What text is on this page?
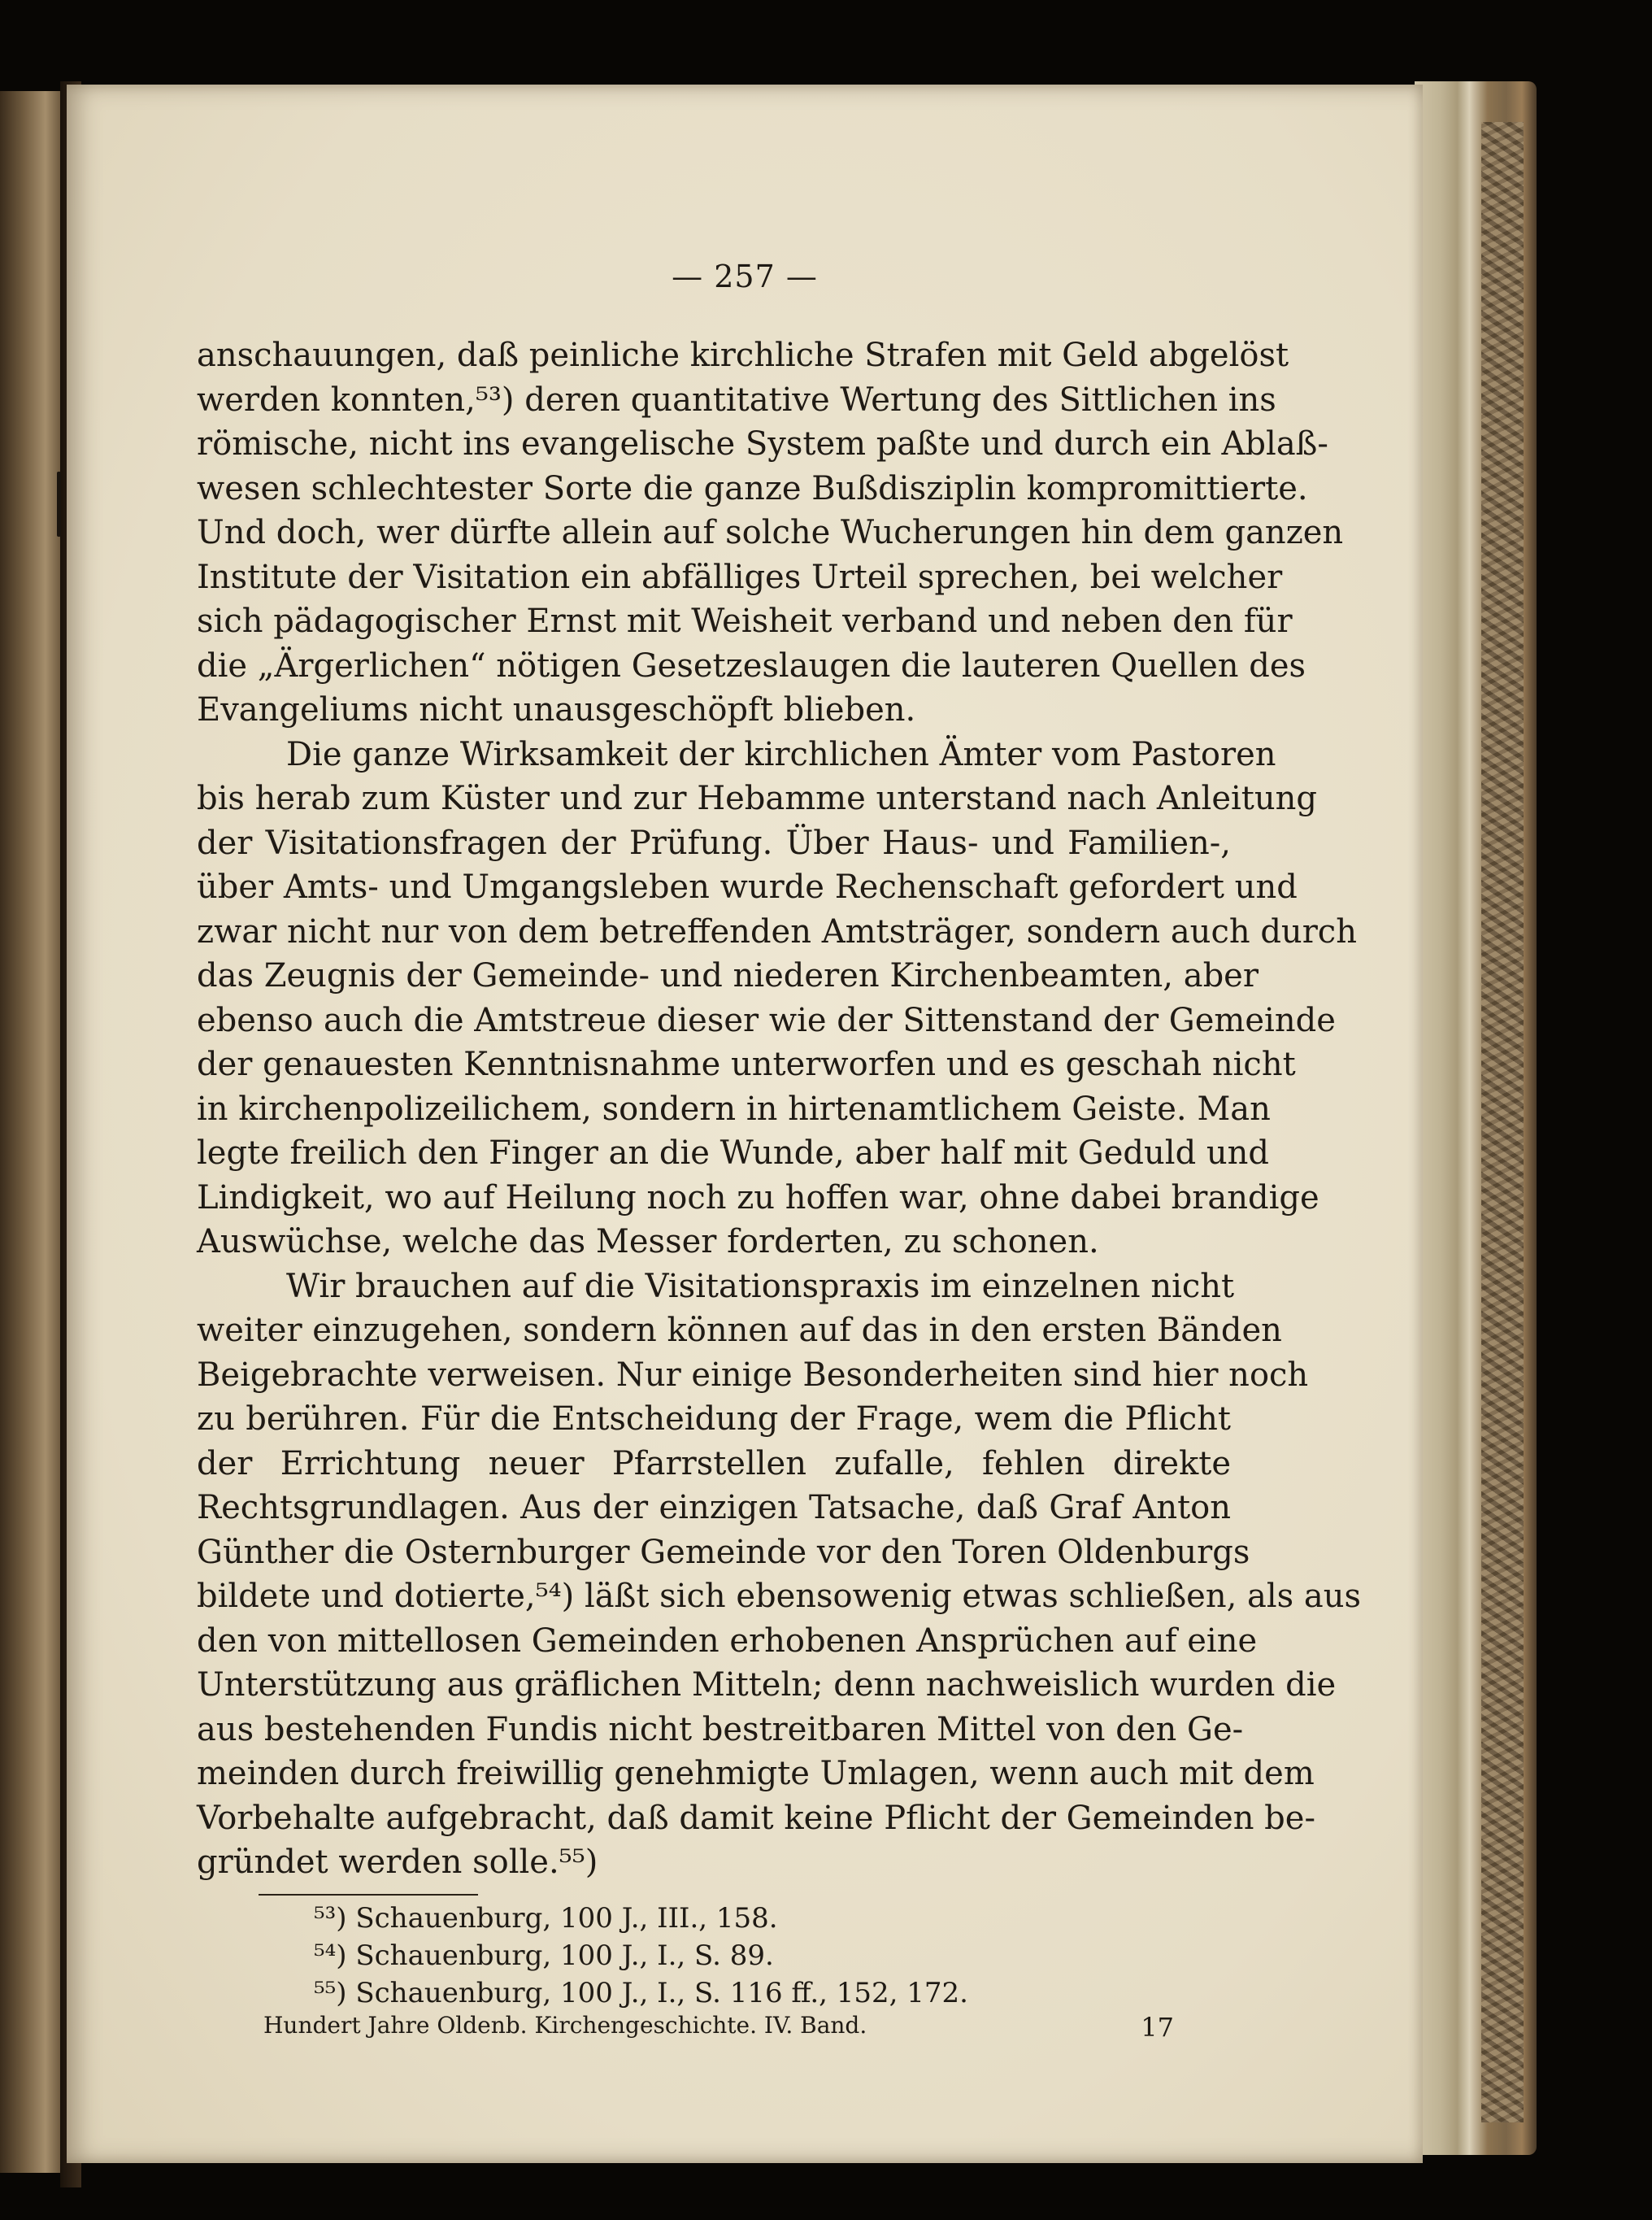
— 257 —
anschauungen, daß peinliche kirchliche Strafen mit Geld abgelöst
werden konnten,⁵³) deren quantitative Wertung des Sittlichen ins
römische, nicht ins evangelische System paßte und durch ein Ablaß-
wesen schlechtester Sorte die ganze Bußdisziplin kompromittierte.
Und doch, wer dürfte allein auf solche Wucherungen hin dem ganzen
Institute der Visitation ein abfälliges Urteil sprechen, bei welcher
sich pädagogischer Ernst mit Weisheit verband und neben den für
die „Ärgerlichen“ nötigen Gesetzeslaugen die lauteren Quellen des
Evangeliums nicht unausgeschöpft blieben.
Die ganze Wirksamkeit der kirchlichen Ämter vom Pastoren
bis herab zum Küster und zur Hebamme unterstand nach Anleitung
der Visitationsfragen der Prüfung. Über Haus- und Familien-,
über Amts- und Umgangsleben wurde Rechenschaft gefordert und
zwar nicht nur von dem betreffenden Amtsträger, sondern auch durch
das Zeugnis der Gemeinde- und niederen Kirchenbeamten, aber
ebenso auch die Amtstreue dieser wie der Sittenstand der Gemeinde
der genauesten Kenntnisnahme unterworfen und es geschah nicht
in kirchenpolizeilichem, sondern in hirtenamtlichem Geiste. Man
legte freilich den Finger an die Wunde, aber half mit Geduld und
Lindigkeit, wo auf Heilung noch zu hoffen war, ohne dabei brandige
Auswüchse, welche das Messer forderten, zu schonen.
Wir brauchen auf die Visitationspraxis im einzelnen nicht
weiter einzugehen, sondern können auf das in den ersten Bänden
Beigebrachte verweisen. Nur einige Besonderheiten sind hier noch
zu berühren. Für die Entscheidung der Frage, wem die Pflicht
der Errichtung neuer Pfarrstellen zufalle, fehlen direkte
Rechtsgrundlagen. Aus der einzigen Tatsache, daß Graf Anton
Günther die Osternburger Gemeinde vor den Toren Oldenburgs
bildete und dotierte,⁵⁴) läßt sich ebensowenig etwas schließen, als aus
den von mittellosen Gemeinden erhobenen Ansprüchen auf eine
Unterstützung aus gräflichen Mitteln; denn nachweislich wurden die
aus bestehenden Fundis nicht bestreitbaren Mittel von den Ge-
meinden durch freiwillig genehmigte Umlagen, wenn auch mit dem
Vorbehalte aufgebracht, daß damit keine Pflicht der Gemeinden be-
gründet werden solle.⁵⁵)
⁵³) Schauenburg, 100 J., III., 158.
⁵⁴) Schauenburg, 100 J., I., S. 89.
⁵⁵) Schauenburg, 100 J., I., S. 116 ff., 152, 172.
Hundert Jahre Oldenb. Kirchengeschichte. IV. Band.	17
